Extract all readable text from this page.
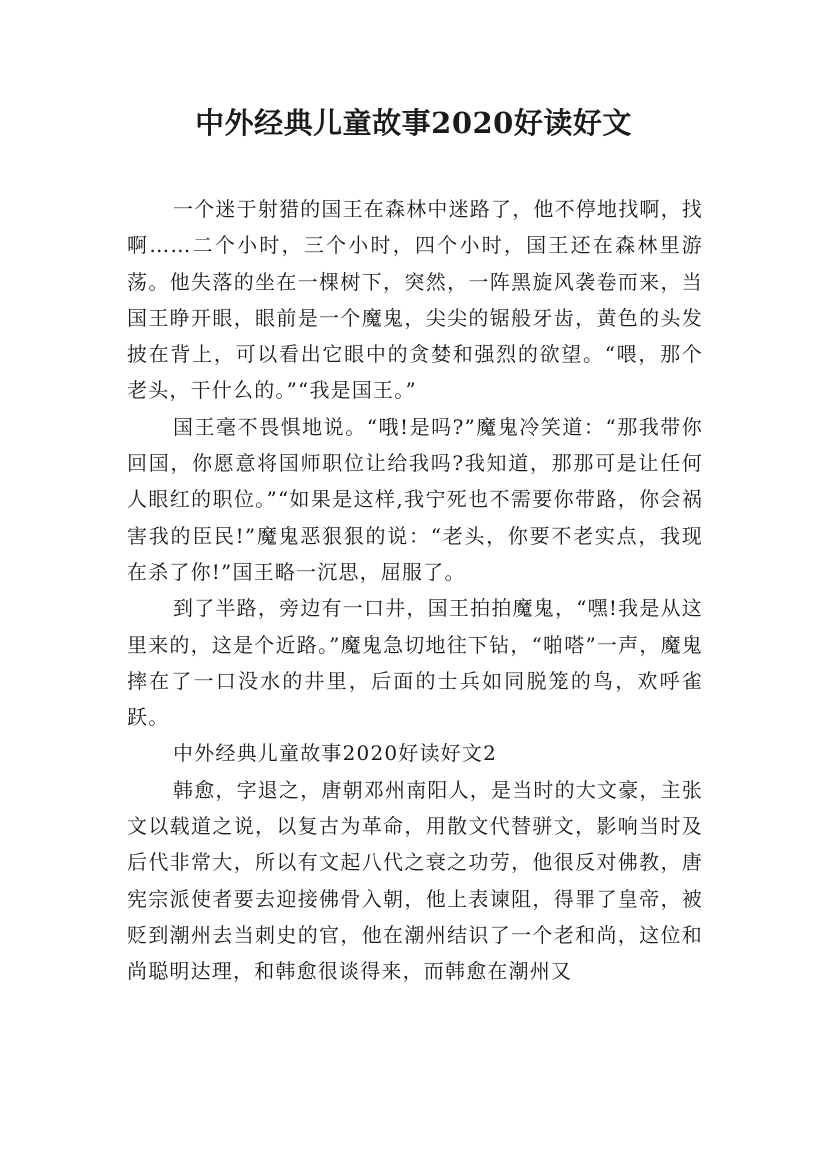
中外经典儿童故事2020好读好文

一个迷于射猎的国王在森林中迷路了，他不停地找啊，找啊……二个小时，三个小时，四个小时，国王还在森林里游荡。他失落的坐在一棵树下，突然，一阵黑旋风袭卷而来，当国王睁开眼，眼前是一个魔鬼，尖尖的锯般牙齿，黄色的头发披在背上，可以看出它眼中的贪婪和强烈的欲望。“喂，那个老头，干什么的。”“我是国王。”

国王毫不畏惧地说。“哦!是吗?”魔鬼冷笑道：“那我带你回国，你愿意将国师职位让给我吗?我知道，那那可是让任何人眼红的职位。”“如果是这样,我宁死也不需要你带路，你会祸害我的臣民!”魔鬼恶狠狠的说：“老头，你要不老实点，我现在杀了你!”国王略一沉思，屈服了。

到了半路，旁边有一口井，国王拍拍魔鬼，“嘿!我是从这里来的，这是个近路。”魔鬼急切地往下钻，“啪嗒”一声，魔鬼摔在了一口没水的井里，后面的士兵如同脱笼的鸟，欢呼雀跃。

中外经典儿童故事2020好读好文2

韩愈，字退之，唐朝邓州南阳人，是当时的大文豪，主张文以载道之说，以复古为革命，用散文代替骈文，影响当时及后代非常大，所以有文起八代之衰之功劳，他很反对佛教，唐宪宗派使者要去迎接佛骨入朝，他上表谏阻，得罪了皇帝，被贬到潮州去当刺史的官，他在潮州结识了一个老和尚，这位和尚聪明达理，和韩愈很谈得来，而韩愈在潮州又
